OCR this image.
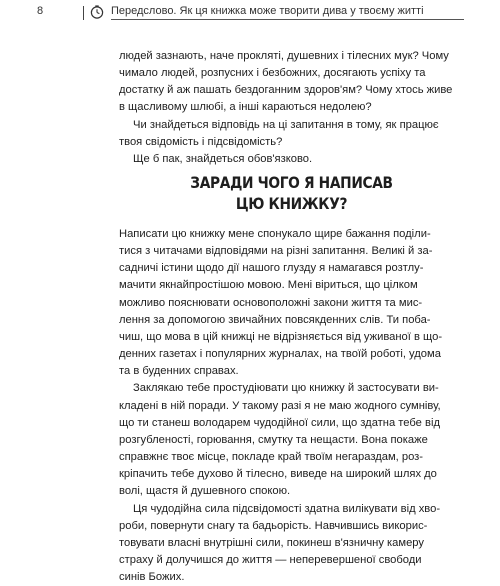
8	Передслово. Як ця книжка може творити дива у твоєму житті

людей зазнають, наче прокляті, душевних і тілесних мук? Чому
чимало людей, розпусних і безбожних, досягають успіху та
достатку й аж пашать бездоганним здоров'ям? Чому хтось живе
в щасливому шлюбі, а інші караються недолею?

Чи знайдеться відповідь на ці запитання в тому, як працює
твоя свідомість і підсвідомість?

Ще б пак, знайдеться обов'язково.

ЗАРАДИ ЧОГО Я НАПИСАВ
ЦЮ КНИЖКУ?

Написати цю книжку мене спонукало щире бажання поділи-
тися з читачами відповідями на різні запитання. Великі й за-
садничі істини щодо дії нашого глузду я намагався розтлу-
мачити якнайпростішою мовою. Мені віриться, що цілком
можливо пояснювати основоположні закони життя та мис-
лення за допомогою звичайних повсякденних слів. Ти поба-
чиш, що мова в цій книжці не відрізняється від уживаної в що-
денних газетах і популярних журналах, на твоїй роботі, удома
та в буденних справах.

Заклякаю тебе простудіювати цю книжку й застосувати ви-
кладені в ній поради. У такому разі я не маю жодного сумніву,
що ти станеш володарем чудодійної сили, що здатна тебе від
розгубленості, горювання, смутку та нещасти. Вона покаже
справжнє твоє місце, покладе край твоїм негараздам, роз-
кріпачить тебе духово й тілесно, виведе на широкий шлях до
волі, щастя й душевного спокою.

Ця чудодійна сила підсвідомості здатна вилікувати від хво-
роби, повернути снагу та бадьорість. Навчившись викорис-
товувати власні внутрішні сили, покинеш в'язничну камеру
страху й долучишся до життя — неперевершеної свободи
синів Божих.
